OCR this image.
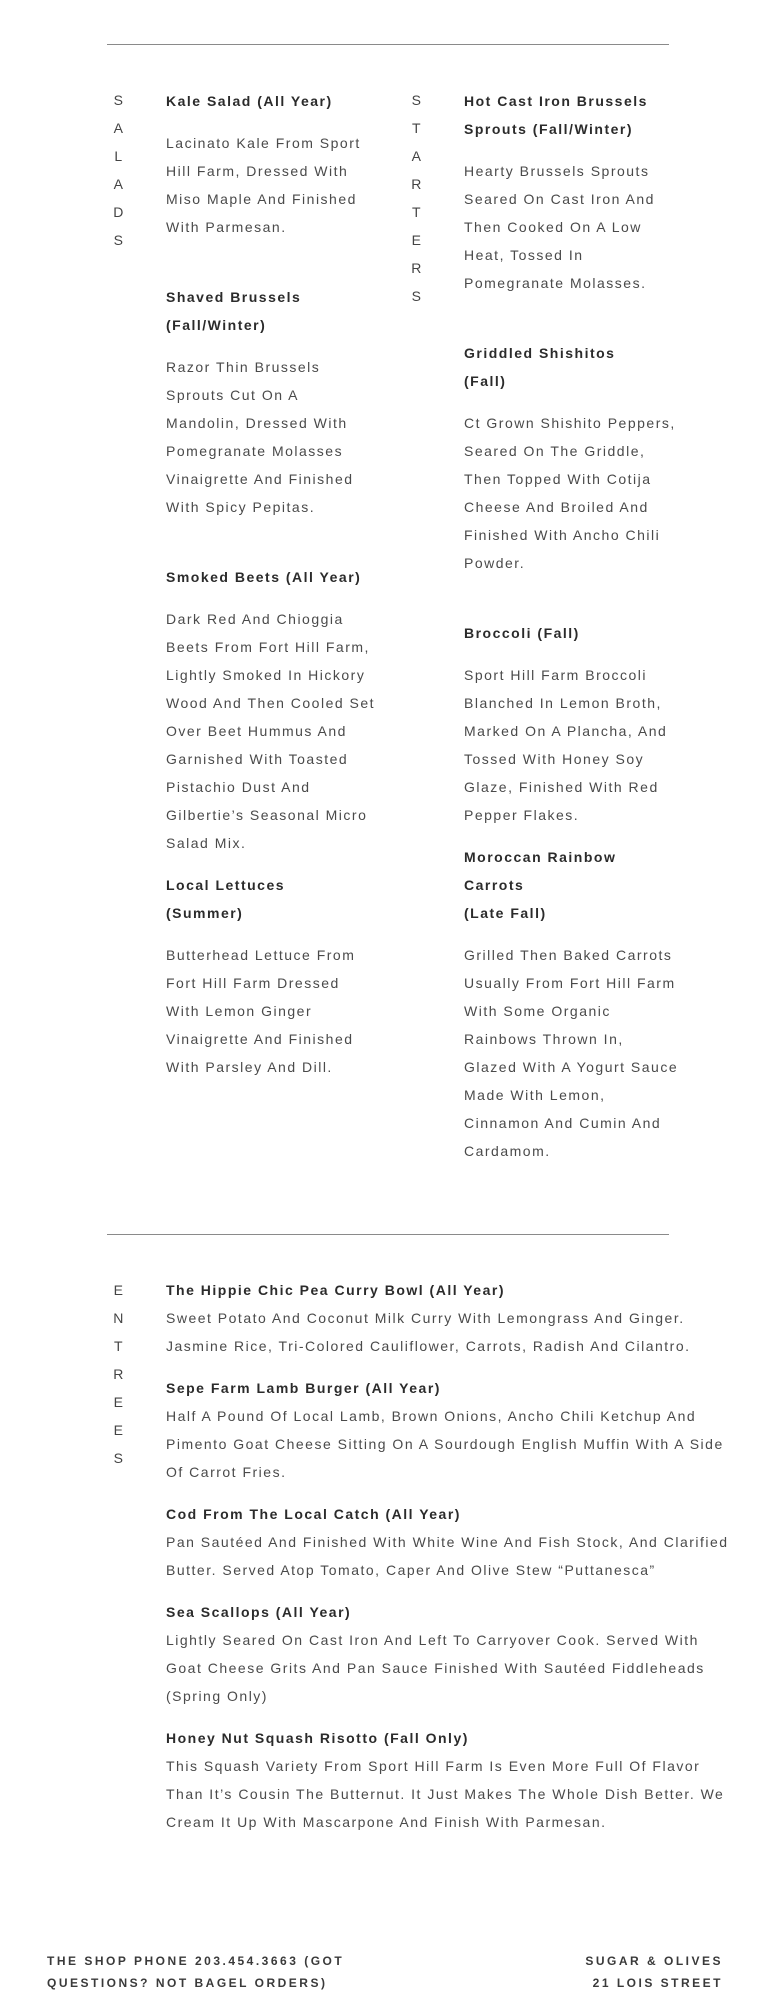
S
A
L
A
D
S
Kale Salad (All Year)
Lacinato Kale From Sport Hill Farm, Dressed With Miso Maple And Finished With Parmesan.
Shaved Brussels (Fall/Winter)
Razor Thin Brussels Sprouts Cut On A Mandolin, Dressed With Pomegranate Molasses Vinaigrette And Finished With Spicy Pepitas.
Smoked Beets (All Year)
Dark Red And Chioggia Beets From Fort Hill Farm, Lightly Smoked In Hickory Wood And Then Cooled Set Over Beet Hummus And Garnished With Toasted Pistachio Dust And Gilbertie’s Seasonal Micro Salad Mix.
Local Lettuces (Summer)
Butterhead Lettuce From Fort Hill Farm Dressed With Lemon Ginger Vinaigrette And Finished With Parsley And Dill.
S
T
A
R
T
E
R
S
Hot Cast Iron Brussels Sprouts (Fall/Winter)
Hearty Brussels Sprouts Seared On Cast Iron And Then Cooked On A Low Heat, Tossed In Pomegranate Molasses.
Griddled Shishitos (Fall)
Ct Grown Shishito Peppers, Seared On The Griddle, Then Topped With Cotija Cheese And Broiled And Finished With Ancho Chili Powder.
Broccoli (Fall)
Sport Hill Farm Broccoli Blanched In Lemon Broth, Marked On A Plancha, And Tossed With Honey Soy Glaze, Finished With Red Pepper Flakes.
Moroccan Rainbow Carrots
(Late Fall)
Grilled Then Baked Carrots Usually From Fort Hill Farm With Some Organic Rainbows Thrown In, Glazed With A Yogurt Sauce Made With Lemon, Cinnamon And Cumin And Cardamom.
E
N
T
R
E
E
S
The Hippie Chic Pea Curry Bowl (All Year)
Sweet Potato And Coconut Milk Curry With Lemongrass And Ginger. Jasmine Rice, Tri-Colored Cauliflower, Carrots, Radish And Cilantro.
Sepe Farm Lamb Burger (All Year)
Half A Pound Of Local Lamb, Brown Onions, Ancho Chili Ketchup And Pimento Goat Cheese Sitting On A Sourdough English Muffin With A Side Of Carrot Fries.
Cod From The Local Catch (All Year)
Pan Sautéed And Finished With White Wine And Fish Stock, And Clarified Butter. Served Atop Tomato, Caper And Olive Stew “Puttanesca”
Sea Scallops (All Year)
Lightly Seared On Cast Iron And Left To Carryover Cook. Served With Goat Cheese Grits And Pan Sauce Finished With Sautéed Fiddleheads (Spring Only)
Honey Nut Squash Risotto (Fall Only)
This Squash Variety From Sport Hill Farm Is Even More Full Of Flavor Than It’s Cousin The Butternut. It Just Makes The Whole Dish Better. We Cream It Up With Mascarpone And Finish With Parmesan.
THE SHOP PHONE 203.454.3663 (GOT QUESTIONS? NOT BAGEL ORDERS)
SUGAR & OLIVES
21 LOIS STREET
